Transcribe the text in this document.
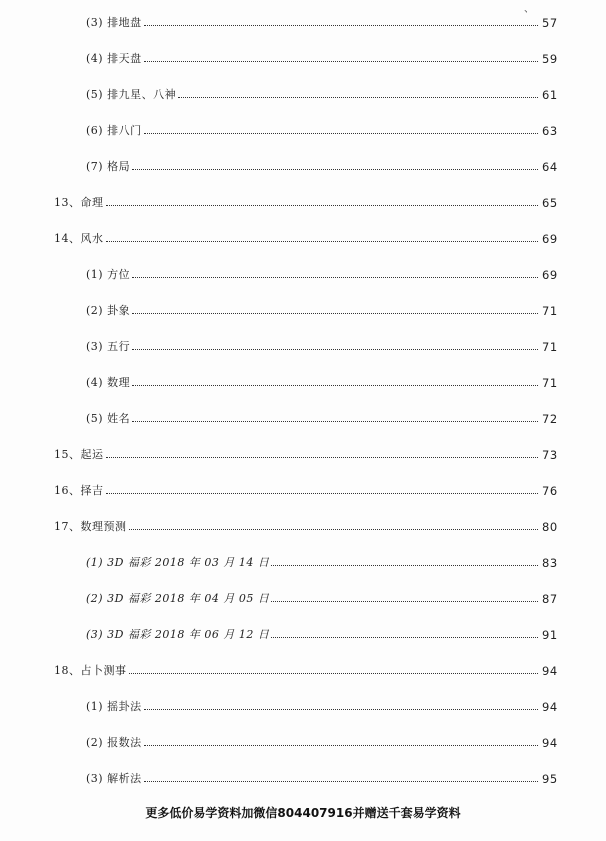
、
(3) 排地盘	57
(4) 排天盘	59
(5) 排九星、八神	61
(6) 排八门	63
(7) 格局	64
13、命理	65
14、风水	69
(1) 方位	69
(2) 卦象	71
(3) 五行	71
(4) 数理	71
(5) 姓名	72
15、起运	73
16、择吉	76
17、数理预测	80
(1) 3D 福彩 2018 年 03 月 14 日	83
(2) 3D 福彩 2018 年 04 月 05 日	87
(3) 3D 福彩 2018 年 06 月 12 日	91
18、占卜测事	94
(1) 摇卦法	94
(2) 报数法	94
(3) 解析法	95
更多低价易学资料加微信804407916并赠送千套易学资料
